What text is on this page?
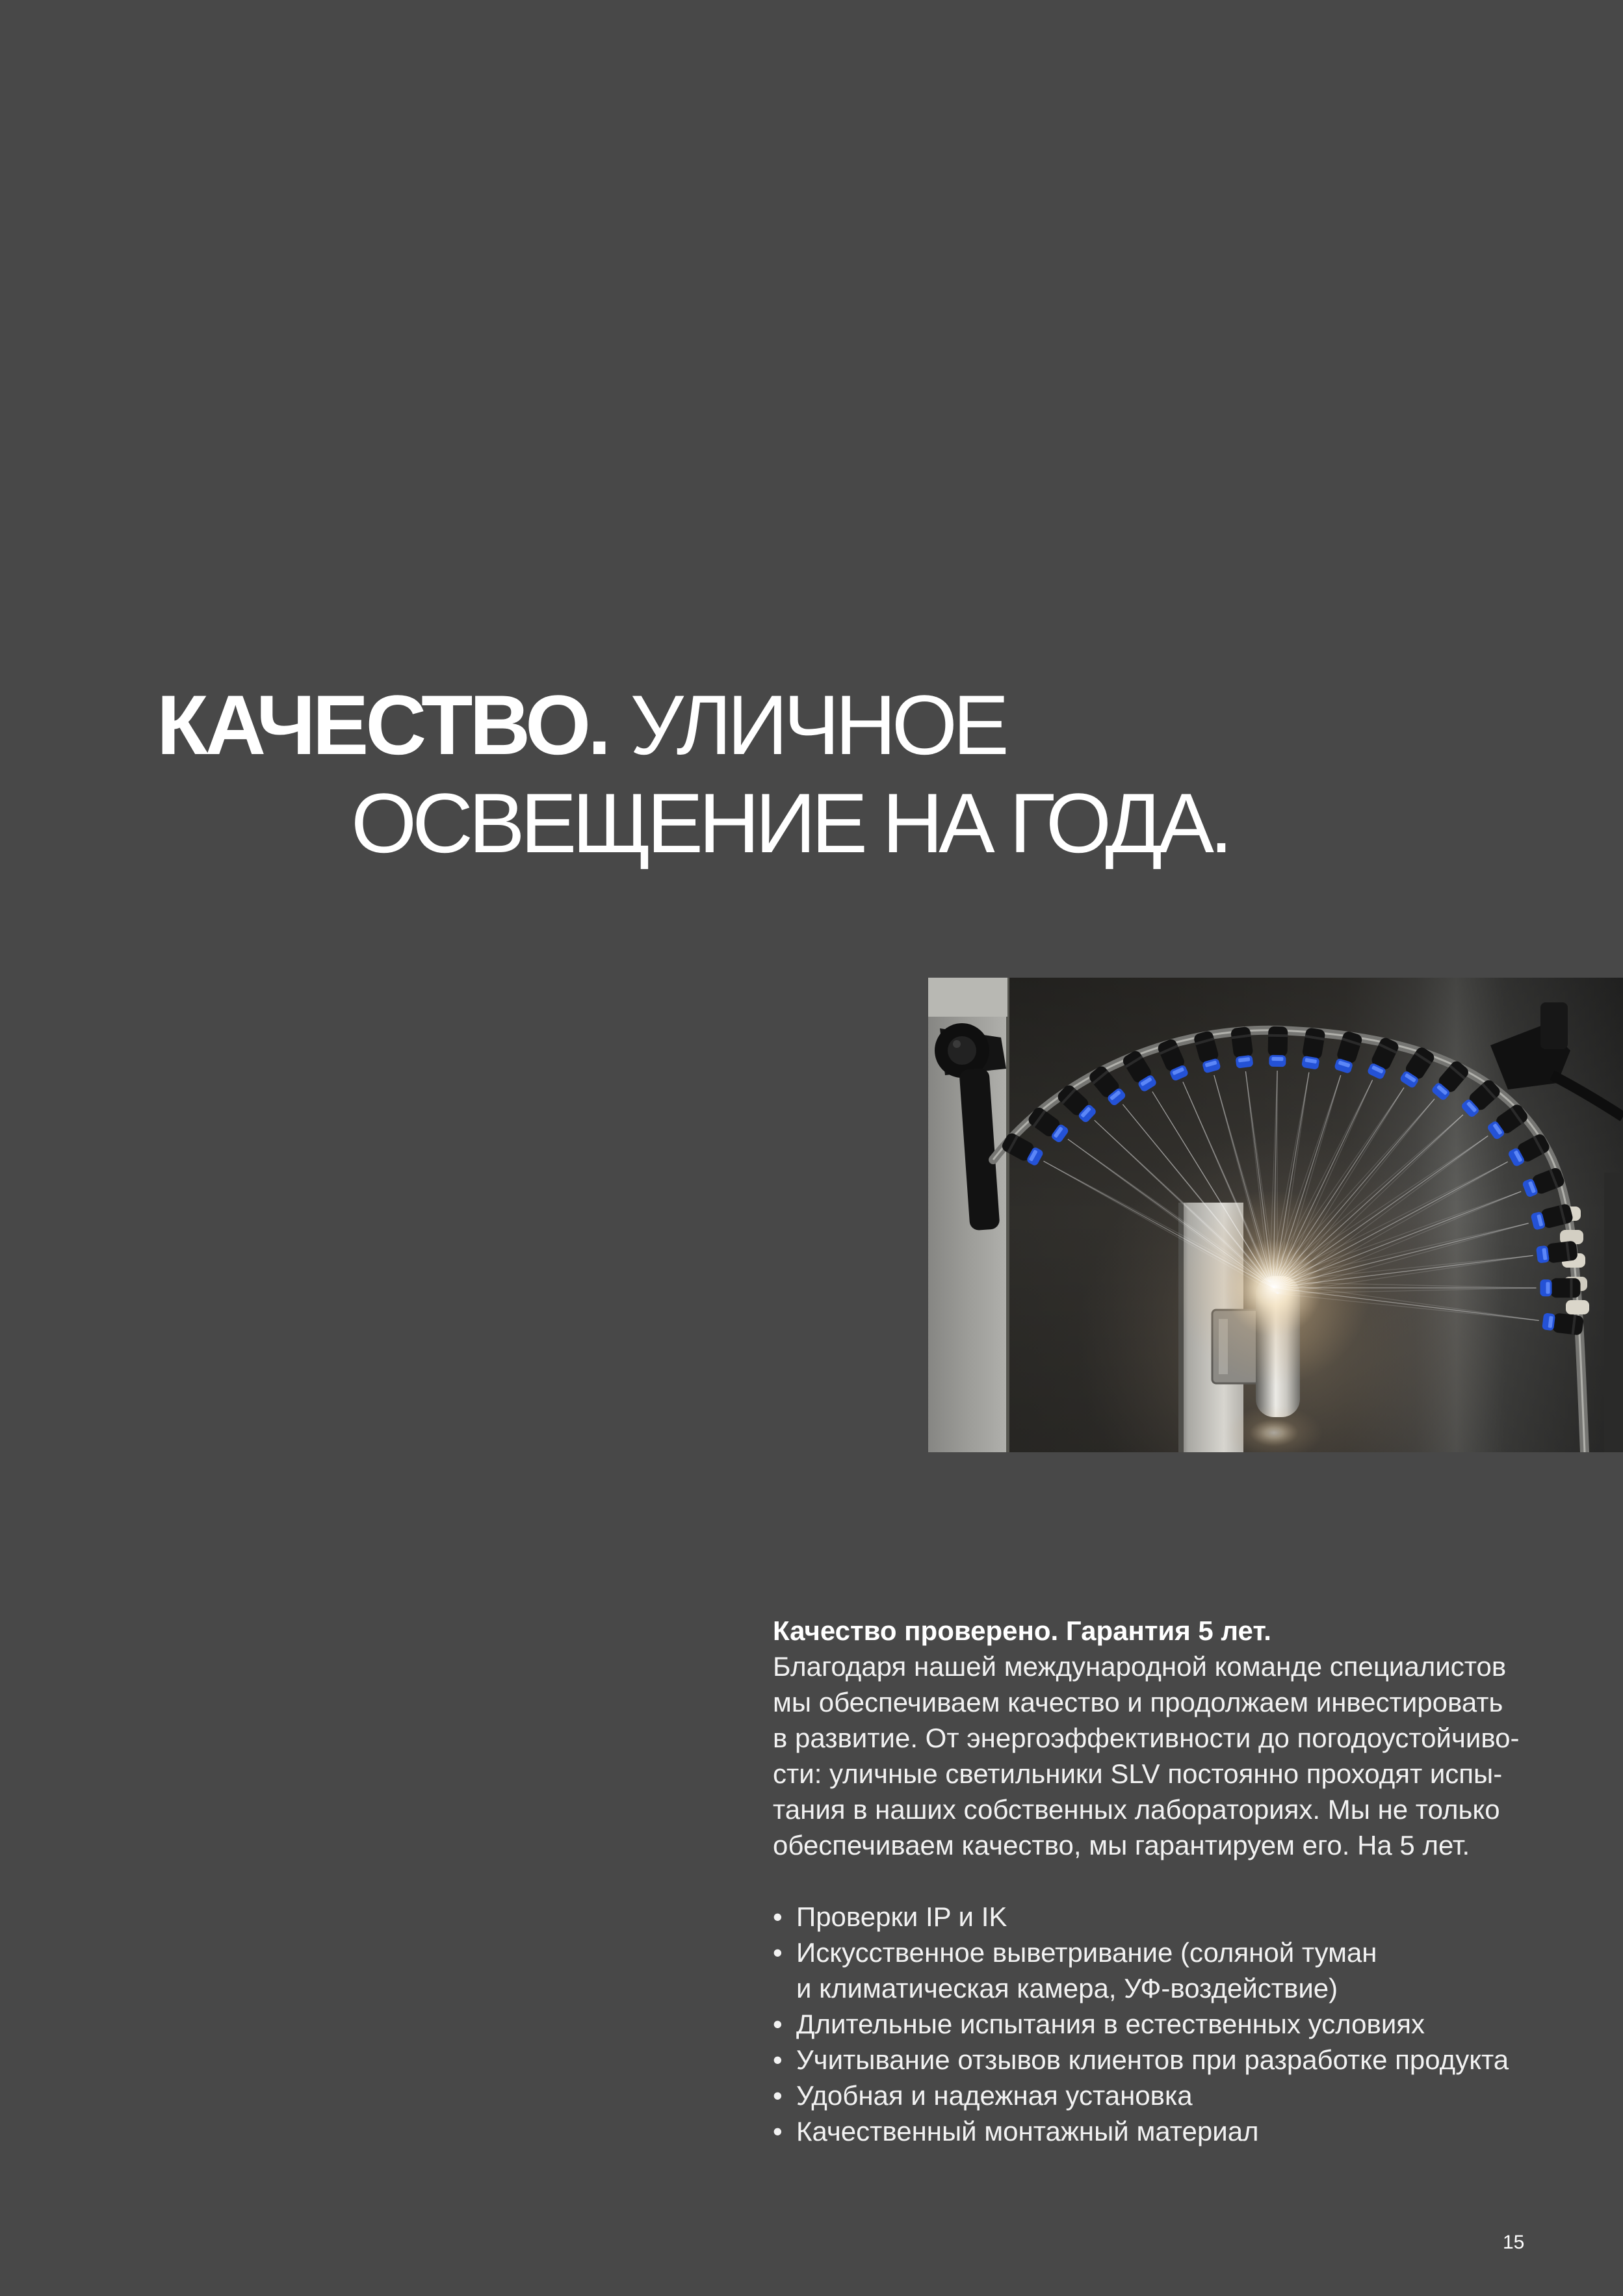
КАЧЕСТВО. УЛИЧНОЕ
ОСВЕЩЕНИЕ НА ГОДА.
Качество проверено. Гарантия 5 лет.
Благодаря нашей международной команде специалистов
мы обеспечиваем качество и продолжаем инвестировать
в развитие. От энергоэффективности до погодоустойчиво-
сти: уличные светильники SLV постоянно проходят испы-
тания в наших собственных лабораториях. Мы не только
обеспечиваем качество, мы гарантируем его. На 5 лет.
• Проверки IP и IK
• Искусственное выветривание (соляной туман
и климатическая камера, УФ-воздействие)
• Длительные испытания в естественных условиях
• Учитывание отзывов клиентов при разработке продукта
• Удобная и надежная установка
• Качественный монтажный материал
15
